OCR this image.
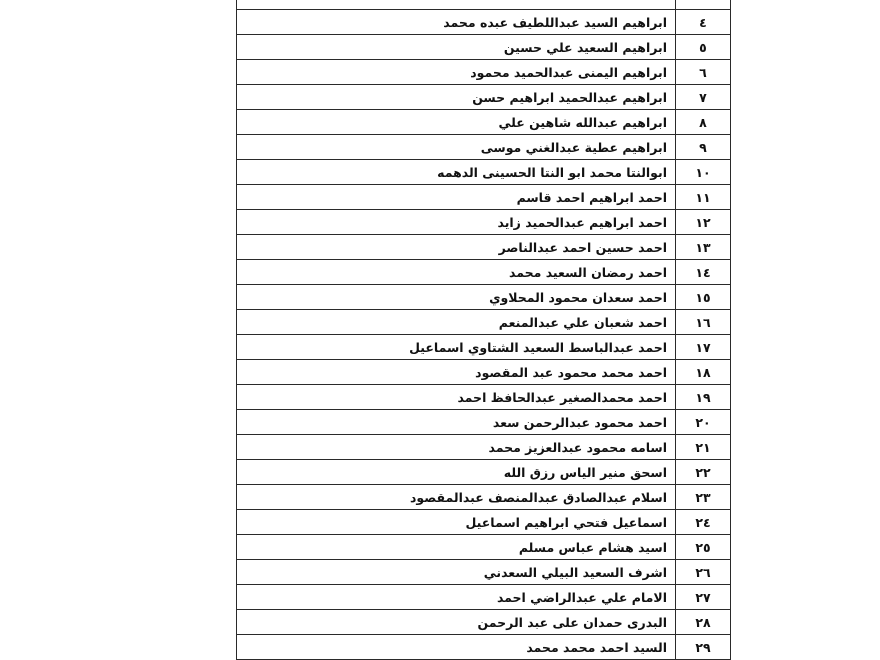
ابراهيم السيد عبداللطيف عبده محمد	٤
ابراهيم السعيد علي حسين	٥
ابراهيم اليمنى عبدالحميد محمود	٦
ابراهيم عبدالحميد ابراهيم حسن	٧
ابراهيم عبدالله شاهين علي	٨
ابراهيم عطية عبدالغني موسى	٩
ابوالنتا محمد ابو النتا الحسينى الدهمه	١٠
احمد ابراهيم احمد قاسم	١١
احمد ابراهيم عبدالحميد زايد	١٢
احمد حسين احمد عبدالناصر	١٣
احمد رمضان السعيد محمد	١٤
احمد سعدان محمود المحلاوي	١٥
احمد شعبان علي عبدالمنعم	١٦
احمد عبدالباسط السعيد الشتاوي اسماعيل	١٧
احمد محمد محمود عبد المقصود	١٨
احمد محمدالصغير عبدالحافظ احمد	١٩
احمد محمود عبدالرحمن سعد	٢٠
اسامه محمود عبدالعزيز محمد	٢١
اسحق منير الياس رزق الله	٢٢
اسلام عبدالصادق عبدالمنصف عبدالمقصود	٢٣
اسماعيل فتحي ابراهيم اسماعيل	٢٤
اسيد هشام عباس مسلم	٢٥
اشرف السعيد البيلي السعدني	٢٦
الامام علي عبدالراضي احمد	٢٧
البدرى حمدان على عبد الرحمن	٢٨
السيد احمد محمد محمد	٢٩
